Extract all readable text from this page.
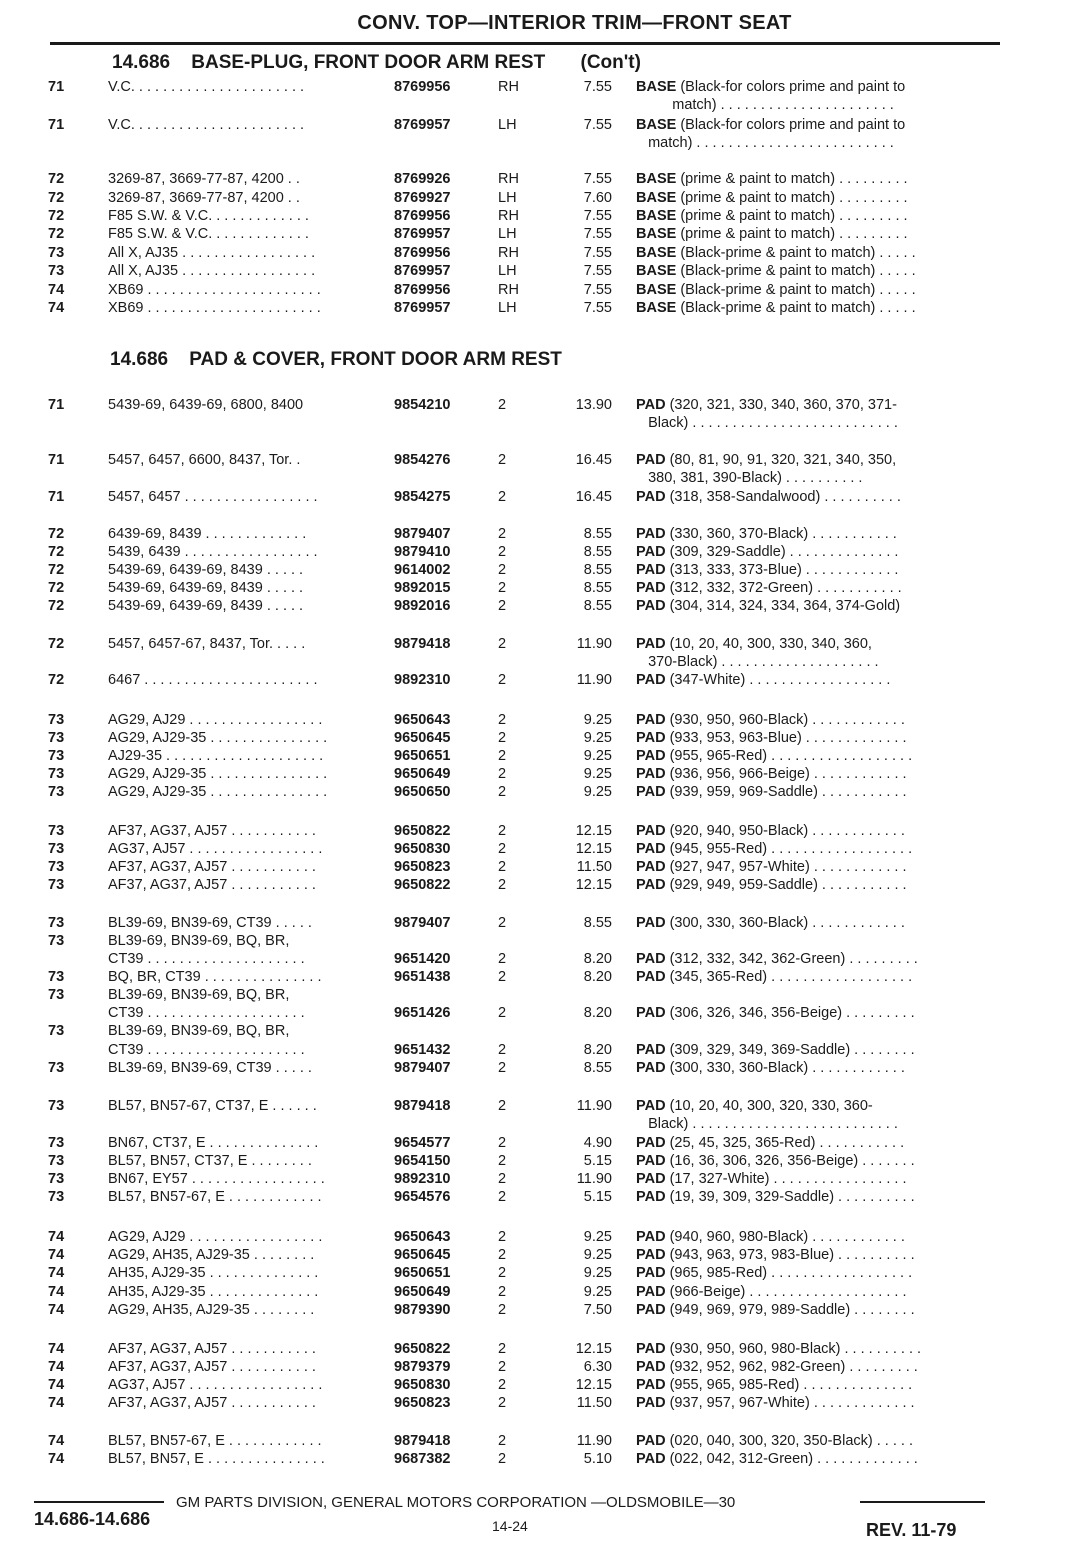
CONV. TOP—INTERIOR TRIM—FRONT SEAT
14.686 BASE-PLUG, FRONT DOOR ARM REST (Con't)
14.686 PAD & COVER, FRONT DOOR ARM REST
71	V.C. . . . . . . . . . . . . . . . . . . . . .	8769956	RH	7.55 BASE (Black-for colors prime and paint to
match) . . . . . . . . . . . . . . . . . . . . . .
71	V.C. . . . . . . . . . . . . . . . . . . . . .	8769957	LH	7.55 BASE (Black-for colors prime and paint to
match) . . . . . . . . . . . . . . . . . . . . . . . . .
72	3269-87, 3669-77-87, 4200 . .	8769926	RH	7.55 BASE (prime & paint to match) . . . . . . . . .
72	3269-87, 3669-77-87, 4200 . .	8769927	LH	7.60 BASE (prime & paint to match) . . . . . . . . .
72	F85 S.W. & V.C. . . . . . . . . . . . .	8769956	RH	7.55 BASE (prime & paint to match) . . . . . . . . .
72	F85 S.W. & V.C. . . . . . . . . . . . .	8769957	LH	7.55 BASE (prime & paint to match) . . . . . . . . .
73	All X, AJ35 . . . . . . . . . . . . . . . . .	8769956	RH	7.55 BASE (Black-prime & paint to match) . . . . .
73	All X, AJ35 . . . . . . . . . . . . . . . . .	8769957	LH	7.55 BASE (Black-prime & paint to match) . . . . .
74	XB69 . . . . . . . . . . . . . . . . . . . . . .	8769956	RH	7.55 BASE (Black-prime & paint to match) . . . . .
74	XB69 . . . . . . . . . . . . . . . . . . . . . .	8769957	LH	7.55 BASE (Black-prime & paint to match) . . . . .
71	5439-69, 6439-69, 6800, 8400	9854210	2	13.90 PAD (320, 321, 330, 340, 360, 370, 371-
Black) . . . . . . . . . . . . . . . . . . . . . . . . . .
71	5457, 6457, 6600, 8437, Tor. .	9854276	2	16.45 PAD (80, 81, 90, 91, 320, 321, 340, 350,
380, 381, 390-Black) . . . . . . . . . .
71	5457, 6457 . . . . . . . . . . . . . . . . .	9854275	2	16.45 PAD (318, 358-Sandalwood) . . . . . . . . . .
72	6439-69, 8439 . . . . . . . . . . . . .	9879407	2	8.55 PAD (330, 360, 370-Black) . . . . . . . . . . .
72	5439, 6439 . . . . . . . . . . . . . . . . .	9879410	2	8.55 PAD (309, 329-Saddle) . . . . . . . . . . . . . .
72	5439-69, 6439-69, 8439 . . . . .	9614002	2	8.55 PAD (313, 333, 373-Blue) . . . . . . . . . . . .
72	5439-69, 6439-69, 8439 . . . . .	9892015	2	8.55 PAD (312, 332, 372-Green) . . . . . . . . . . .
72	5439-69, 6439-69, 8439 . . . . .	9892016	2	8.55 PAD (304, 314, 324, 334, 364, 374-Gold)
72	5457, 6457-67, 8437, Tor. . . . .	9879418	2	11.90 PAD (10, 20, 40, 300, 330, 340, 360,
370-Black) . . . . . . . . . . . . . . . . . . . .
72	6467 . . . . . . . . . . . . . . . . . . . . . .	9892310	2	11.90 PAD (347-White) . . . . . . . . . . . . . . . . . .
73	AG29, AJ29 . . . . . . . . . . . . . . . . .	9650643	2	9.25 PAD (930, 950, 960-Black) . . . . . . . . . . . .
73	AG29, AJ29-35 . . . . . . . . . . . . . . .	9650645	2	9.25 PAD (933, 953, 963-Blue) . . . . . . . . . . . . .
73	AJ29-35 . . . . . . . . . . . . . . . . . . . .	9650651	2	9.25 PAD (955, 965-Red) . . . . . . . . . . . . . . . . . .
73	AG29, AJ29-35 . . . . . . . . . . . . . . .	9650649	2	9.25 PAD (936, 956, 966-Beige) . . . . . . . . . . . .
73	AG29, AJ29-35 . . . . . . . . . . . . . . .	9650650	2	9.25 PAD (939, 959, 969-Saddle) . . . . . . . . . . .
73	AF37, AG37, AJ57 . . . . . . . . . . .	9650822	2	12.15 PAD (920, 940, 950-Black) . . . . . . . . . . . .
73	AG37, AJ57 . . . . . . . . . . . . . . . . .	9650830	2	12.15 PAD (945, 955-Red) . . . . . . . . . . . . . . . . . .
73	AF37, AG37, AJ57 . . . . . . . . . . .	9650823	2	11.50 PAD (927, 947, 957-White) . . . . . . . . . . . .
73	AF37, AG37, AJ57 . . . . . . . . . . .	9650822	2	12.15 PAD (929, 949, 959-Saddle) . . . . . . . . . . .
73	BL39-69, BN39-69, CT39 . . . . .	9879407	2	8.55 PAD (300, 330, 360-Black) . . . . . . . . . . . .
73	BL39-69, BN39-69, BQ, BR,
CT39 . . . . . . . . . . . . . . . . . . . .	9651420	2	8.20 PAD (312, 332, 342, 362-Green) . . . . . . . . .
73	BQ, BR, CT39 . . . . . . . . . . . . . . .	9651438	2	8.20 PAD (345, 365-Red) . . . . . . . . . . . . . . . . . .
73	BL39-69, BN39-69, BQ, BR,
CT39 . . . . . . . . . . . . . . . . . . . .	9651426	2	8.20 PAD (306, 326, 346, 356-Beige) . . . . . . . . .
73	BL39-69, BN39-69, BQ, BR,
CT39 . . . . . . . . . . . . . . . . . . . .	9651432	2	8.20 PAD (309, 329, 349, 369-Saddle) . . . . . . . .
73	BL39-69, BN39-69, CT39 . . . . .	9879407	2	8.55 PAD (300, 330, 360-Black) . . . . . . . . . . . .
73	BL57, BN57-67, CT37, E . . . . . .	9879418	2	11.90 PAD (10, 20, 40, 300, 320, 330, 360-
Black) . . . . . . . . . . . . . . . . . . . . . . . . . .
73	BN67, CT37, E . . . . . . . . . . . . . .	9654577	2	4.90 PAD (25, 45, 325, 365-Red) . . . . . . . . . . .
73	BL57, BN57, CT37, E . . . . . . . .	9654150	2	5.15 PAD (16, 36, 306, 326, 356-Beige) . . . . . . .
73	BN67, EY57 . . . . . . . . . . . . . . . . .	9892310	2	11.90 PAD (17, 327-White) . . . . . . . . . . . . . . . . .
73	BL57, BN57-67, E . . . . . . . . . . . .	9654576	2	5.15 PAD (19, 39, 309, 329-Saddle) . . . . . . . . . .
74	AG29, AJ29 . . . . . . . . . . . . . . . . .	9650643	2	9.25 PAD (940, 960, 980-Black) . . . . . . . . . . . .
74	AG29, AH35, AJ29-35 . . . . . . . .	9650645	2	9.25 PAD (943, 963, 973, 983-Blue) . . . . . . . . . .
74	AH35, AJ29-35 . . . . . . . . . . . . . .	9650651	2	9.25 PAD (965, 985-Red) . . . . . . . . . . . . . . . . . .
74	AH35, AJ29-35 . . . . . . . . . . . . . .	9650649	2	9.25 PAD (966-Beige) . . . . . . . . . . . . . . . . . . . .
74	AG29, AH35, AJ29-35 . . . . . . . .	9879390	2	7.50 PAD (949, 969, 979, 989-Saddle) . . . . . . . .
74	AF37, AG37, AJ57 . . . . . . . . . . .	9650822	2	12.15 PAD (930, 950, 960, 980-Black) . . . . . . . . . .
74	AF37, AG37, AJ57 . . . . . . . . . . .	9879379	2	6.30 PAD (932, 952, 962, 982-Green) . . . . . . . . .
74	AG37, AJ57 . . . . . . . . . . . . . . . . .	9650830	2	12.15 PAD (955, 965, 985-Red) . . . . . . . . . . . . . .
74	AF37, AG37, AJ57 . . . . . . . . . . .	9650823	2	11.50 PAD (937, 957, 967-White) . . . . . . . . . . . . .
74	BL57, BN57-67, E . . . . . . . . . . . .	9879418	2	11.90 PAD (020, 040, 300, 320, 350-Black) . . . . .
74	BL57, BN57, E . . . . . . . . . . . . . . .	9687382	2	5.10 PAD (022, 042, 312-Green) . . . . . . . . . . . . .
GM PARTS DIVISION, GENERAL MOTORS CORPORATION —OLDSMOBILE—30
14.686-14.686	14-24	REV. 11-79
